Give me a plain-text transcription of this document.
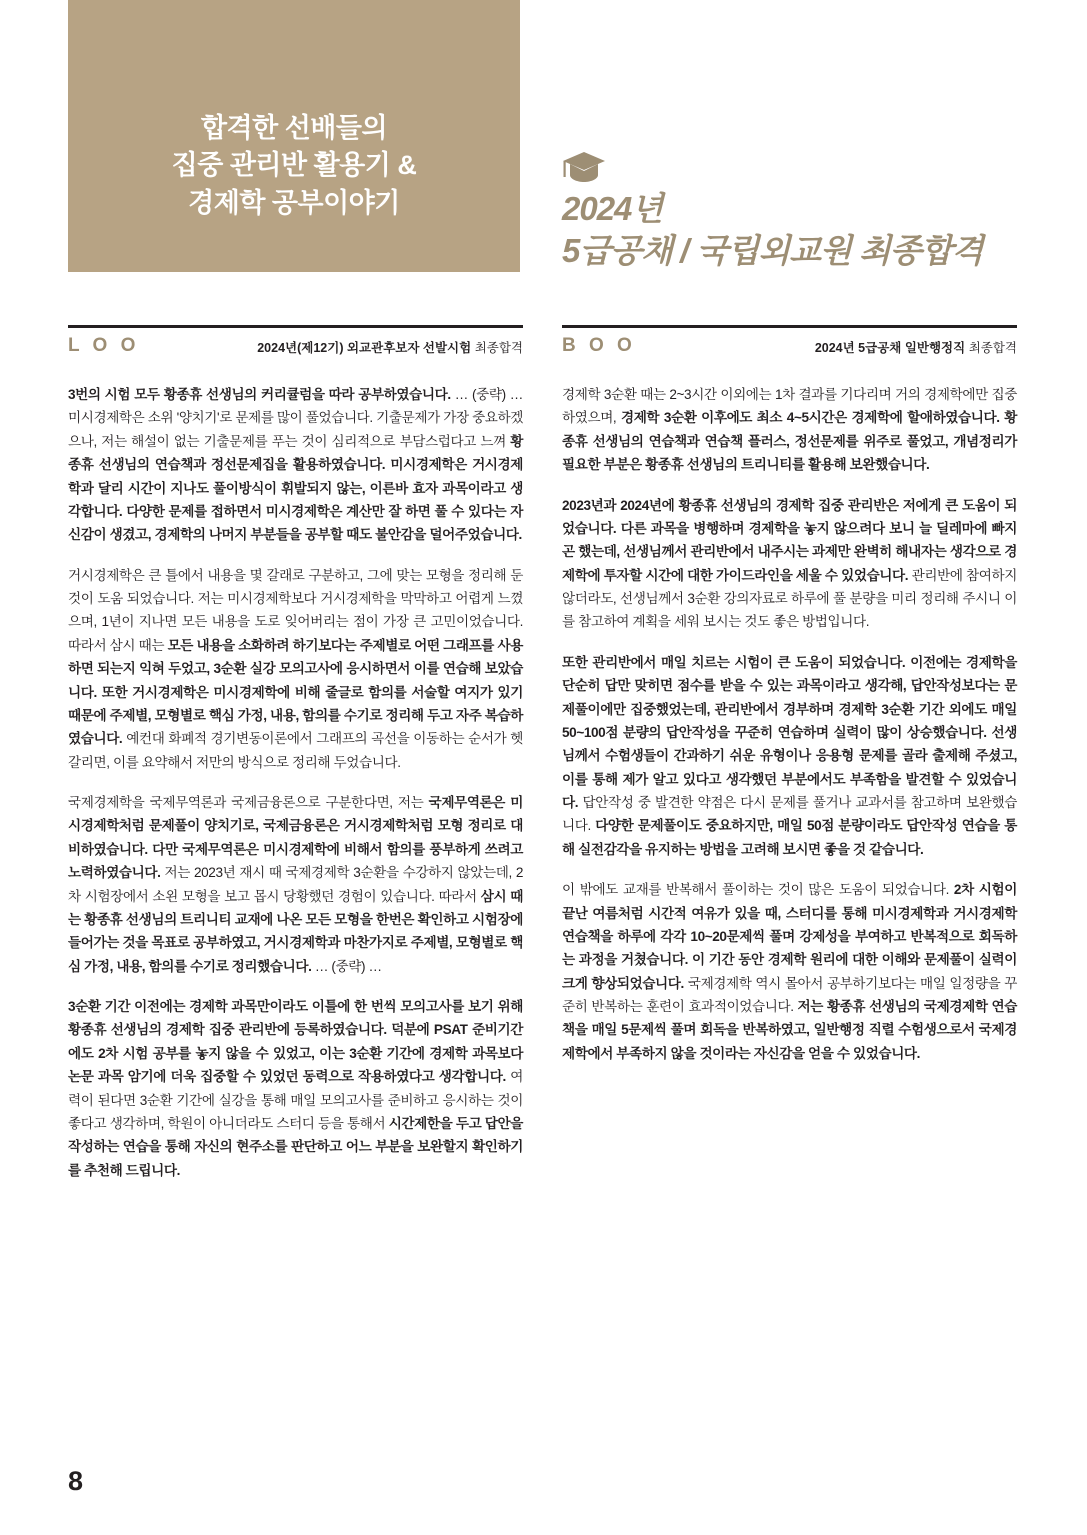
합격한 선배들의
집중 관리반 활용기 &
경제학 공부이야기	2024년
5급공채 / 국립외교원 최종합격
L O O	2024년(제12기) 외교관후보자 선발시험 최종합격

3번의 시험 모두 황종휴 선생님의 커리큘럼을 따라 공부하였습니다. … (중략) … 미시경제학은 소위 '양치기'로 문제를 많이 풀었습니다. 기출문제가 가장 중요하겠으나, 저는 해설이 없는 기출문제를 푸는 것이 심리적으로 부담스럽다고 느껴 황종휴 선생님의 연습책과 정선문제집을 활용하였습니다. 미시경제학은 거시경제학과 달리 시간이 지나도 풀이방식이 휘발되지 않는, 이른바 효자 과목이라고 생각합니다. 다양한 문제를 접하면서 미시경제학은 계산만 잘 하면 풀 수 있다는 자신감이 생겼고, 경제학의 나머지 부분들을 공부할 때도 불안감을 덜어주었습니다.

거시경제학은 큰 틀에서 내용을 몇 갈래로 구분하고, 그에 맞는 모형을 정리해 둔 것이 도움 되었습니다. 저는 미시경제학보다 거시경제학을 막막하고 어렵게 느꼈으며, 1년이 지나면 모든 내용을 도로 잊어버리는 점이 가장 큰 고민이었습니다. 따라서 삼시 때는 모든 내용을 소화하려 하기보다는 주제별로 어떤 그래프를 사용하면 되는지 익혀 두었고, 3순환 실강 모의고사에 응시하면서 이를 연습해 보았습니다. 또한 거시경제학은 미시경제학에 비해 줄글로 함의를 서술할 여지가 있기 때문에 주제별, 모형별로 핵심 가정, 내용, 함의를 수기로 정리해 두고 자주 복습하였습니다. 예컨대 화폐적 경기변동이론에서 그래프의 곡선을 이동하는 순서가 헷갈리면, 이를 요약해서 저만의 방식으로 정리해 두었습니다.

국제경제학을 국제무역론과 국제금융론으로 구분한다면, 저는 국제무역론은 미시경제학처럼 문제풀이 양치기로, 국제금융론은 거시경제학처럼 모형 정리로 대비하였습니다. 다만 국제무역론은 미시경제학에 비해서 함의를 풍부하게 쓰려고 노력하였습니다. 저는 2023년 재시 때 국제경제학 3순환을 수강하지 않았는데, 2차 시험장에서 소왼 모형을 보고 몹시 당황했던 경험이 있습니다. 따라서 삼시 때는 황종휴 선생님의 트리니티 교재에 나온 모든 모형을 한번은 확인하고 시험장에 들어가는 것을 목표로 공부하였고, 거시경제학과 마찬가지로 주제별, 모형별로 핵심 가정, 내용, 함의를 수기로 정리했습니다. … (중략) …

3순환 기간 이전에는 경제학 과목만이라도 이틀에 한 번씩 모의고사를 보기 위해 황종휴 선생님의 경제학 집중 관리반에 등록하였습니다. 덕분에 PSAT 준비기간에도 2차 시험 공부를 놓지 않을 수 있었고, 이는 3순환 기간에 경제학 과목보다 논문 과목 암기에 더욱 집중할 수 있었던 동력으로 작용하였다고 생각합니다. 여력이 된다면 3순환 기간에 실강을 통해 매일 모의고사를 준비하고 응시하는 것이 좋다고 생각하며, 학원이 아니더라도 스터디 등을 통해서 시간제한을 두고 답안을 작성하는 연습을 통해 자신의 현주소를 판단하고 어느 부분을 보완할지 확인하기를 추천해 드립니다.

B O O	2024년 5급공채 일반행정직 최종합격

경제학 3순환 때는 2~3시간 이외에는 1차 결과를 기다리며 거의 경제학에만 집중하였으며, 경제학 3순환 이후에도 최소 4~5시간은 경제학에 할애하였습니다. 황종휴 선생님의 연습책과 연습책 플러스, 정선문제를 위주로 풀었고, 개념정리가 필요한 부분은 황종휴 선생님의 트리니티를 활용해 보완했습니다.

2023년과 2024년에 황종휴 선생님의 경제학 집중 관리반은 저에게 큰 도움이 되었습니다. 다른 과목을 병행하며 경제학을 놓지 않으려다 보니 늘 딜레마에 빠지곤 했는데, 선생님께서 관리반에서 내주시는 과제만 완벽히 해내자는 생각으로 경제학에 투자할 시간에 대한 가이드라인을 세울 수 있었습니다. 관리반에 참여하지 않더라도, 선생님께서 3순환 강의자료로 하루에 풀 분량을 미리 정리해 주시니 이를 참고하여 계획을 세워 보시는 것도 좋은 방법입니다.

또한 관리반에서 매일 치르는 시험이 큰 도움이 되었습니다. 이전에는 경제학을 단순히 답만 맞히면 점수를 받을 수 있는 과목이라고 생각해, 답안작성보다는 문제풀이에만 집중했었는데, 관리반에서 경부하며 경제학 3순환 기간 외에도 매일 50~100점 분량의 답안작성을 꾸준히 연습하며 실력이 많이 상승했습니다. 선생님께서 수험생들이 간과하기 쉬운 유형이나 응용형 문제를 골라 출제해 주셨고, 이를 통해 제가 알고 있다고 생각했던 부분에서도 부족함을 발견할 수 있었습니다. 답안작성 중 발견한 약점은 다시 문제를 풀거나 교과서를 참고하며 보완했습니다. 다양한 문제풀이도 중요하지만, 매일 50점 분량이라도 답안작성 연습을 통해 실전감각을 유지하는 방법을 고려해 보시면 좋을 것 같습니다.

이 밖에도 교재를 반복해서 풀이하는 것이 많은 도움이 되었습니다. 2차 시험이 끝난 여름처럼 시간적 여유가 있을 때, 스터디를 통해 미시경제학과 거시경제학 연습책을 하루에 각각 10~20문제씩 풀며 강제성을 부여하고 반복적으로 회독하는 과정을 거쳤습니다. 이 기간 동안 경제학 원리에 대한 이해와 문제풀이 실력이 크게 향상되었습니다. 국제경제학 역시 몰아서 공부하기보다는 매일 일정량을 꾸준히 반복하는 훈련이 효과적이었습니다. 저는 황종휴 선생님의 국제경제학 연습책을 매일 5문제씩 풀며 회독을 반복하였고, 일반행정 직렬 수험생으로서 국제경제학에서 부족하지 않을 것이라는 자신감을 얻을 수 있었습니다.

8
